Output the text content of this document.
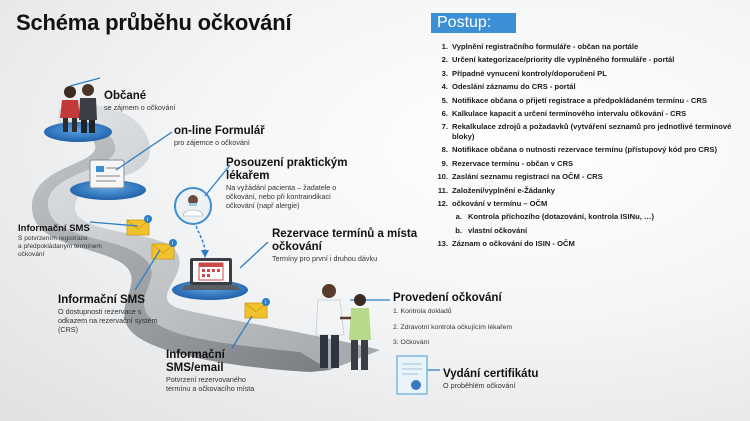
i
i
i
Schéma průběhu očkování
Občané
se zájmem o očkování
on-line Formulář
pro zájemce o očkování
Posouzení praktickým
lékařem
Na vyžádání pacienta – žadatele o
očkování, nebo při kontraindikaci
očkování (např alergie)
Informační SMS
S potvrzením registrace
a předpokládaným termínem
očkování
Rezervace termínů a místa
očkování
Termíny pro první i druhou dávku
Informační SMS
O dostupnosti rezervace s
odkazem na rezervační systém
(CRS)
Informační
SMS/email
Potvrzení rezervovaného
termínu a očkovacího místa
Provedení očkování
1. Kontrola dokladů
2. Zdravotní kontrola očkujícím lékařem
3. Očkování
Vydání certifikátu
O proběhlém očkování
Postup:
1. Vyplnění registračního formuláře - občan na portále
2. Určení kategorizace/priority dle vyplněného formuláře - portál
3. Případné vynucení kontroly/doporučení PL
4. Odeslání záznamu do CRS - portál
5. Notifikace občana o přijetí registrace a předpokládaném termínu - CRS
6. Kalkulace kapacit a určení termínového intervalu očkování - CRS
7. Rekalkulace zdrojů a požadavků (vytváření seznamů pro jednotlivé termínové bloky)
8. Notifikace občana o nutnosti rezervace termínu (přístupový kód pro CRS)
9. Rezervace termínu - občan v CRS
10. Zaslání seznamu registrací na OČM - CRS
11. Založení/vyplnění e-Žádanky
12. očkování v termínu – OČM
a. Kontrola příchozího (dotazování, kontrola ISINu, …)
b. vlastní očkování
13. Záznam o očkování do ISIN - OČM
